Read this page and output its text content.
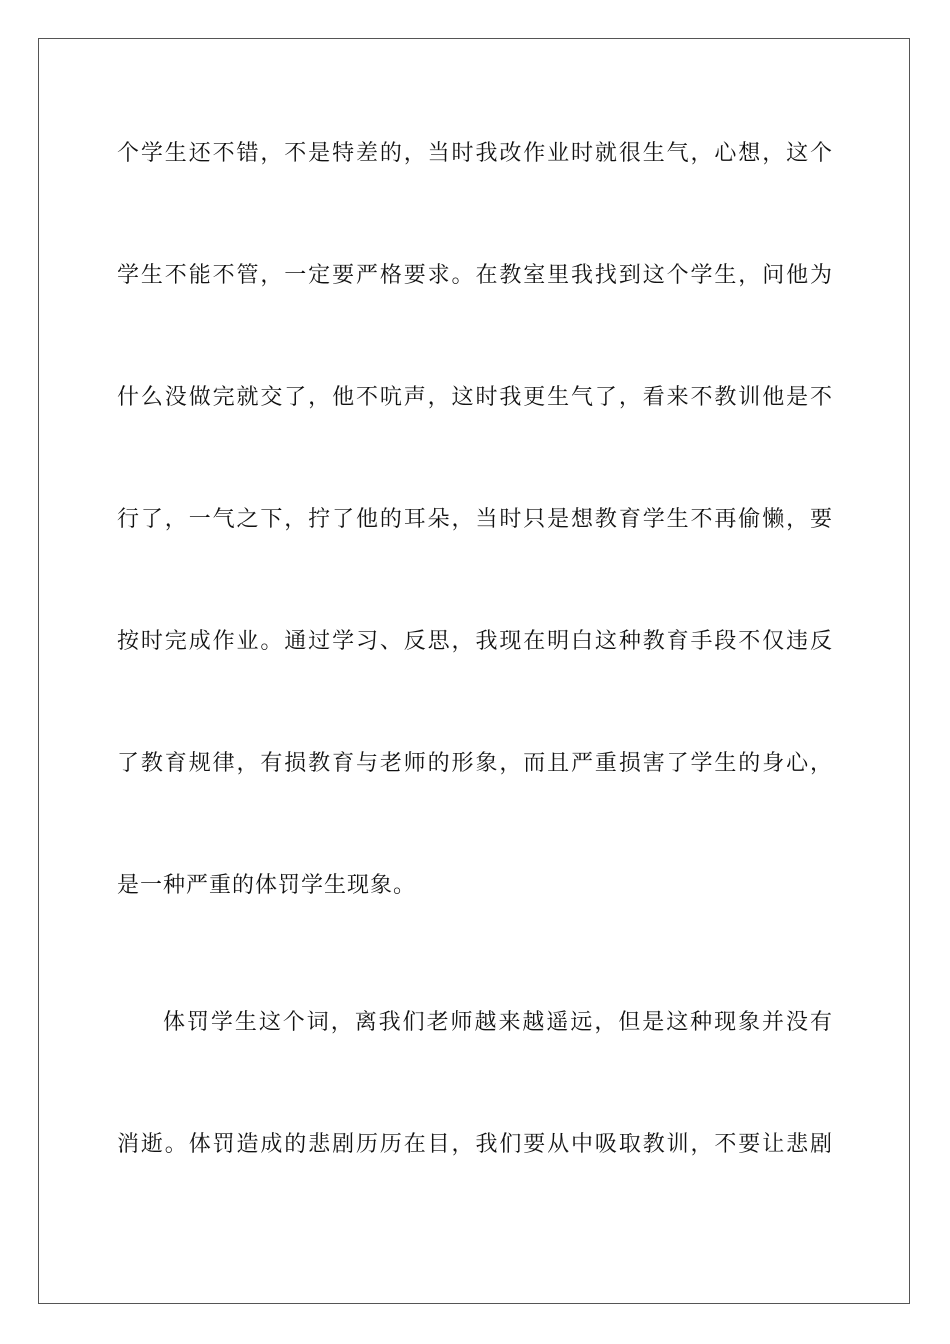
个学生还不错，不是特差的，当时我改作业时就很生气，心想，这个
学生不能不管，一定要严格要求。在教室里我找到这个学生，问他为
什么没做完就交了，他不吭声，这时我更生气了，看来不教训他是不
行了，一气之下，拧了他的耳朵，当时只是想教育学生不再偷懒，要
按时完成作业。通过学习、反思，我现在明白这种教育手段不仅违反
了教育规律，有损教育与老师的形象，而且严重损害了学生的身心，
是一种严重的体罚学生现象。
体罚学生这个词，离我们老师越来越遥远，但是这种现象并没有
消逝。体罚造成的悲剧历历在目，我们要从中吸取教训，不要让悲剧
